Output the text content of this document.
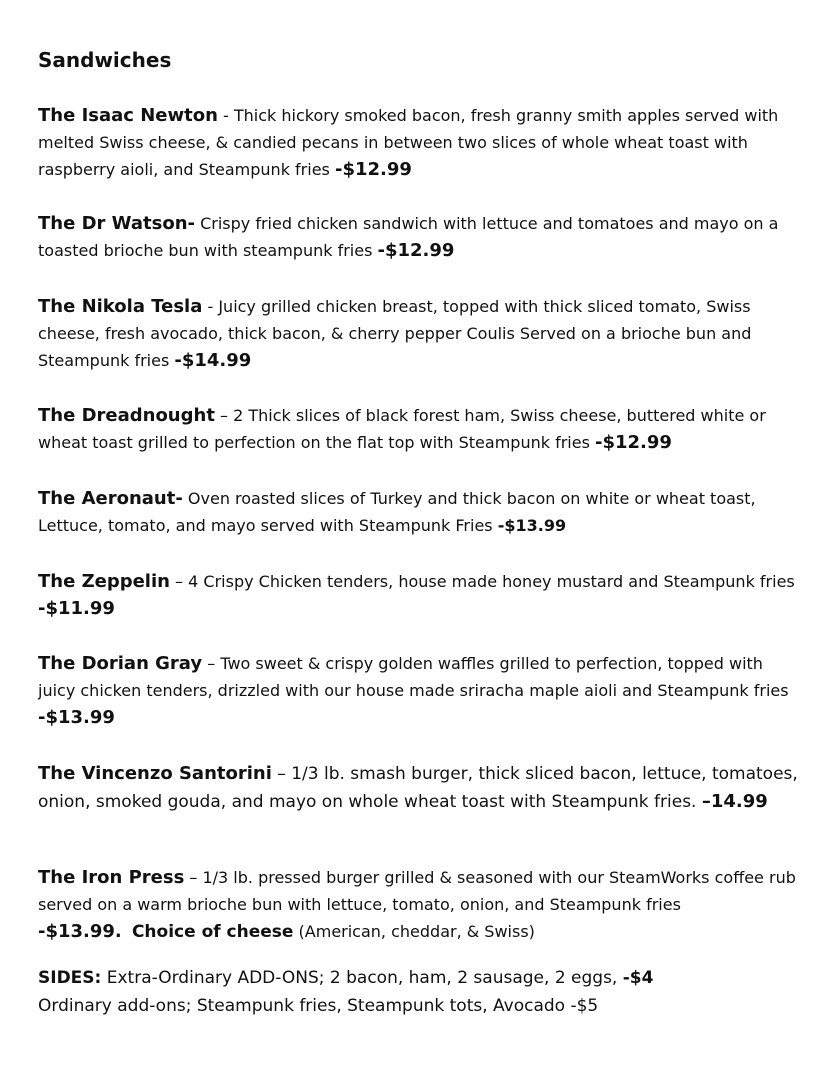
Sandwiches

The Isaac Newton - Thick hickory smoked bacon, fresh granny smith apples served with melted Swiss cheese, & candied pecans in between two slices of whole wheat toast with raspberry aioli, and Steampunk fries -$12.99

The Dr Watson- Crispy fried chicken sandwich with lettuce and tomatoes and mayo on a toasted brioche bun with steampunk fries -$12.99

The Nikola Tesla - Juicy grilled chicken breast, topped with thick sliced tomato, Swiss cheese, fresh avocado, thick bacon, & cherry pepper Coulis Served on a brioche bun and Steampunk fries -$14.99

The Dreadnought – 2 Thick slices of black forest ham, Swiss cheese, buttered white or wheat toast grilled to perfection on the flat top with Steampunk fries -$12.99

The Aeronaut- Oven roasted slices of Turkey and thick bacon on white or wheat toast, Lettuce, tomato, and mayo served with Steampunk Fries -$13.99

The Zeppelin – 4 Crispy Chicken tenders, house made honey mustard and Steampunk fries -$11.99

The Dorian Gray – Two sweet & crispy golden waffles grilled to perfection, topped with juicy chicken tenders, drizzled with our house made sriracha maple aioli and Steampunk fries -$13.99

The Vincenzo Santorini – 1/3 lb. smash burger, thick sliced bacon, lettuce, tomatoes, onion, smoked gouda, and mayo on whole wheat toast with Steampunk fries. –14.99

The Iron Press – 1/3 lb. pressed burger grilled & seasoned with our SteamWorks coffee rub served on a warm brioche bun with lettuce, tomato, onion, and Steampunk fries -$13.99. Choice of cheese (American, cheddar, & Swiss)

SIDES: Extra-Ordinary ADD-ONS; 2 bacon, ham, 2 sausage, 2 eggs, -$4
Ordinary add-ons; Steampunk fries, Steampunk tots, Avocado -$5
